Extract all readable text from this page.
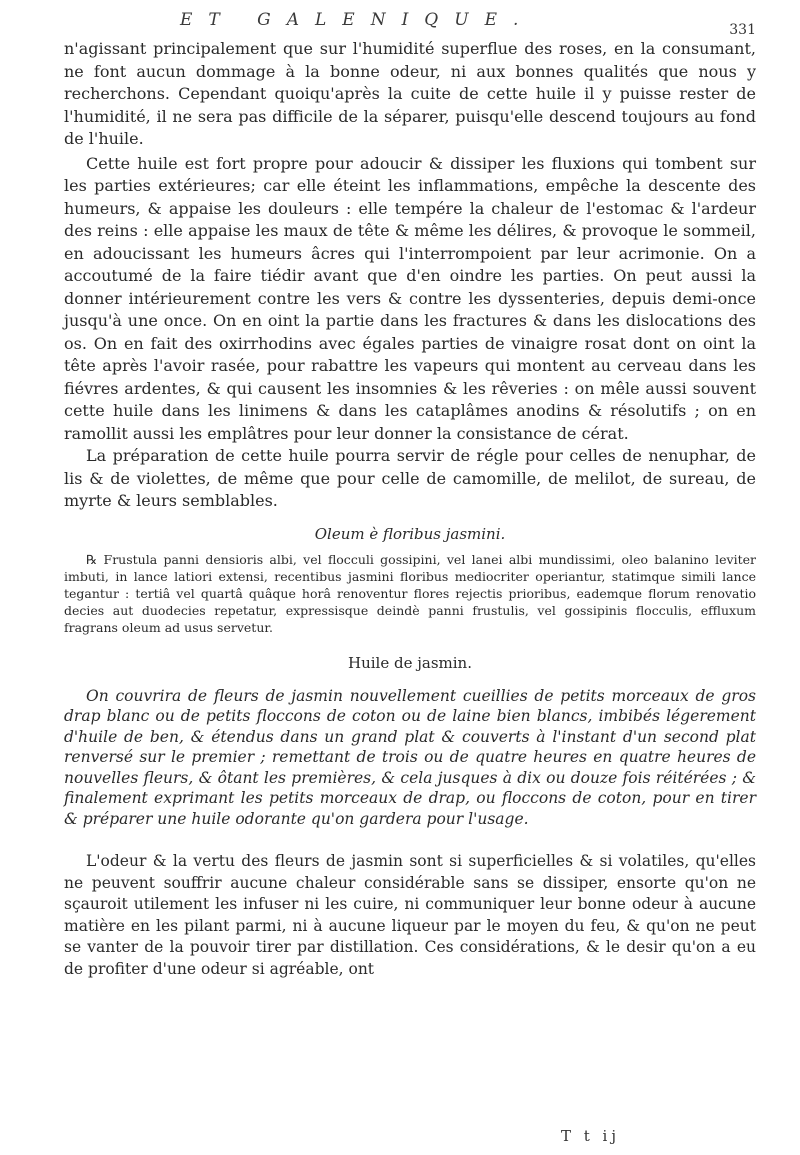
ET GALENIQUE.	331

n'agissant principalement que sur l'humidité superflue des roses, en la consumant, ne font aucun dommage à la bonne odeur, ni aux bonnes qualités que nous y recherchons. Cependant quoiqu'après la cuite de cette huile il y puisse rester de l'humidité, il ne sera pas difficile de la séparer, puisqu'elle descend toujours au fond de l'huile.

Cette huile est fort propre pour adoucir & dissiper les fluxions qui tombent sur les parties extérieures; car elle éteint les inflammations, empêche la descente des humeurs, & appaise les douleurs : elle tempére la chaleur de l'estomac & l'ardeur des reins : elle appaise les maux de tête & même les délires, & provoque le sommeil, en adoucissant les humeurs âcres qui l'interrompoient par leur acrimonie. On a accoutumé de la faire tiédir avant que d'en oindre les parties. On peut aussi la donner intérieurement contre les vers & contre les dyssenteries, depuis demi-once jusqu'à une once. On en oint la partie dans les fractures & dans les dislocations des os. On en fait des oxirrhodins avec égales parties de vinaigre rosat dont on oint la tête après l'avoir rasée, pour rabattre les vapeurs qui montent au cerveau dans les fiévres ardentes, & qui causent les insomnies & les rêveries : on mêle aussi souvent cette huile dans les linimens & dans les cataplâmes anodins & résolutifs ; on en ramollit aussi les emplâtres pour leur donner la consistance de cérat.

La préparation de cette huile pourra servir de régle pour celles de nenuphar, de lis & de violettes, de même que pour celle de camomille, de melilot, de sureau, de myrte & leurs semblables.

Oleum è floribus jasmini.

℞ Frustula panni densioris albi, vel flocculi gossipini, vel lanei albi mundissimi, oleo balanino leviter imbuti, in lance latiori extensi, recentibus jasmini floribus mediocriter operiantur, statimque simili lance tegantur : tertiâ vel quartâ quâque horâ renoventur flores rejectis prioribus, eademque florum renovatio decies aut duodecies repetatur, expressisque deindè panni frustulis, vel gossipinis flocculis, effluxum fragrans oleum ad usus servetur.

Huile de jasmin.

On couvrira de fleurs de jasmin nouvellement cueillies de petits morceaux de gros drap blanc ou de petits floccons de coton ou de laine bien blancs, imbibés légerement d'huile de ben, & étendus dans un grand plat & couverts à l'instant d'un second plat renversé sur le premier ; remettant de trois ou de quatre heures en quatre heures de nouvelles fleurs, & ôtant les premières, & cela jusques à dix ou douze fois réitérées ; & finalement exprimant les petits morceaux de drap, ou floccons de coton, pour en tirer & préparer une huile odorante qu'on gardera pour l'usage.

L'odeur & la vertu des fleurs de jasmin sont si superficielles & si volatiles, qu'elles ne peuvent souffrir aucune chaleur considérable sans se dissiper, ensorte qu'on ne sçauroit utilement les infuser ni les cuire, ni communiquer leur bonne odeur à aucune matière en les pilant parmi, ni à aucune liqueur par le moyen du feu, & qu'on ne peut se vanter de la pouvoir tirer par distillation. Ces considérations, & le desir qu'on a eu de profiter d'une odeur si agréable, ont

T t ij
